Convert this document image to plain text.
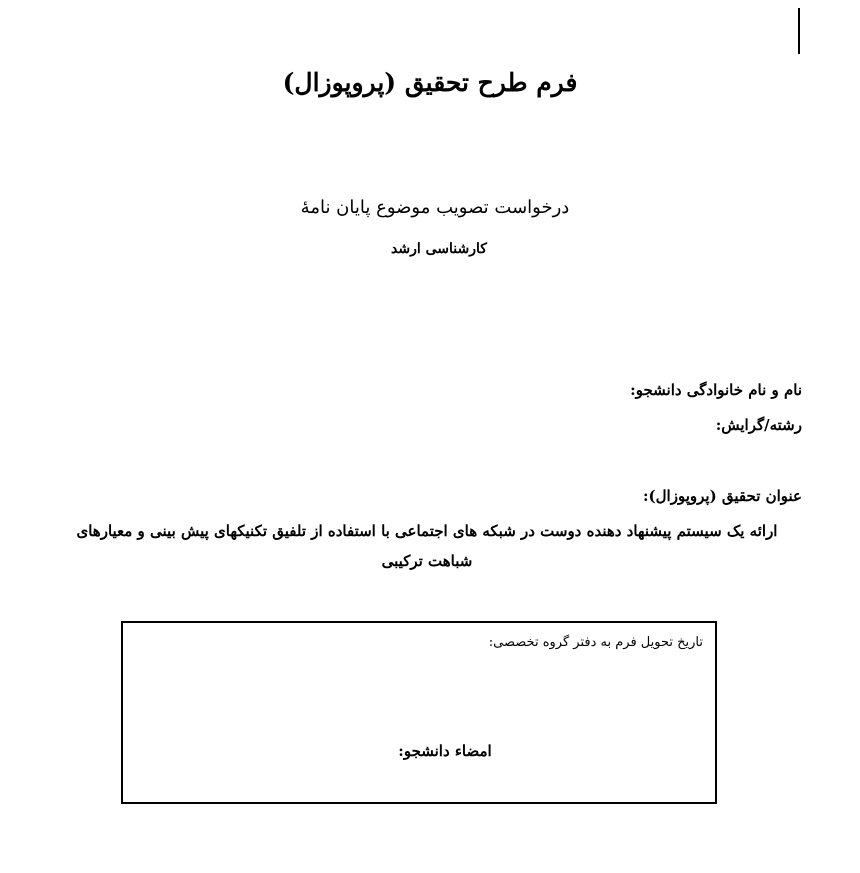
فرم طرح تحقیق (پروپوزال)
درخواست تصویب موضوع پایان نامهٔ
کارشناسی ارشد
نام و نام خانوادگی دانشجو:
رشته/گرایش:
عنوان تحقیق (پروپوزال):
ارائه یک سیستم پیشنهاد دهنده دوست در شبکه های اجتماعی با استفاده از تلفیق تکنیکهای پیش بینی و معیارهای شباهت ترکیبی
تاریخ تحویل فرم به دفتر گروه تخصصی:
امضاء دانشجو:
